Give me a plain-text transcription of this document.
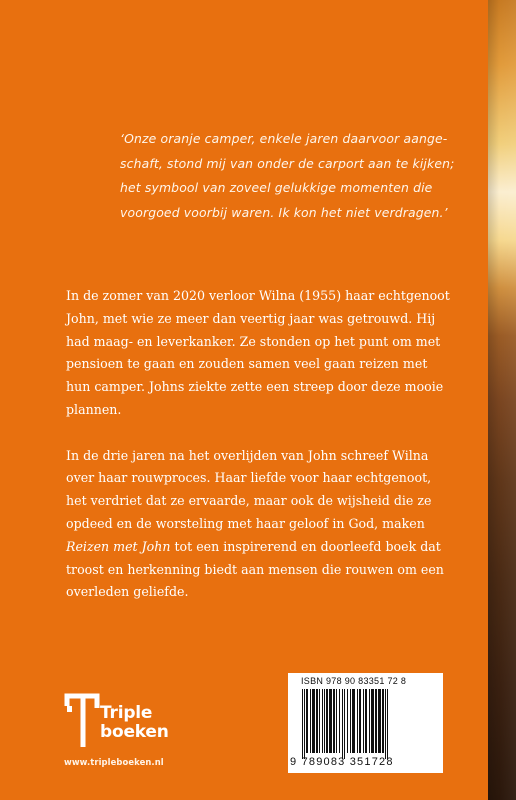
‘Onze oranje camper, enkele jaren daarvoor aange-
schaft, stond mij van onder de carport aan te kijken;
het symbool van zoveel gelukkige momenten die
voorgoed voorbij waren. Ik kon het niet verdragen.’

In de zomer van 2020 verloor Wilna (1955) haar echtgenoot
John, met wie ze meer dan veertig jaar was getrouwd. Hij
had maag- en leverkanker. Ze stonden op het punt om met
pensioen te gaan en zouden samen veel gaan reizen met
hun camper. Johns ziekte zette een streep door deze mooie
plannen.

In de drie jaren na het overlijden van John schreef Wilna
over haar rouwproces. Haar liefde voor haar echtgenoot,
het verdriet dat ze ervaarde, maar ook de wijsheid die ze
opdeed en de worsteling met haar geloof in God, maken
Reizen met John tot een inspirerend en doorleefd boek dat
troost en herkenning biedt aan mensen die rouwen om een
overleden geliefde.

Triple
boeken
www.tripleboeken.nl
ISBN 978 90 83351 72 8
9 789083 351728
